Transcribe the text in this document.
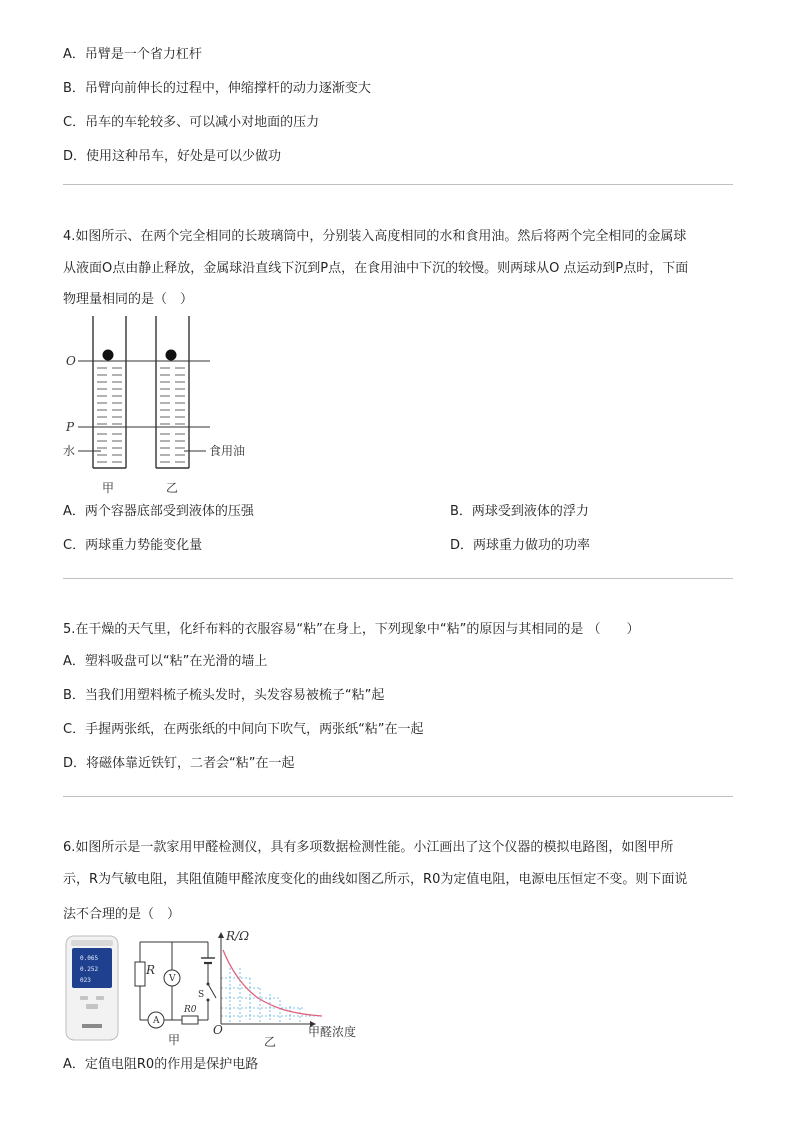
A．吊臂是一个省力杠杆
B．吊臂向前伸长的过程中，伸缩撑杆的动力逐渐变大
C．吊车的车轮较多、可以减小对地面的压力
D．使用这种吊车，好处是可以少做功
4.如图所示、在两个完全相同的长玻璃筒中，分别装入高度相同的水和食用油。然后将两个完全相同的金属球
从液面O点由静止释放，金属球沿直线下沉到P点，在食用油中下沉的较慢。则两球从O 点运动到P点时，下面
物理量相同的是（　）
O
P
水	食用油
甲	乙
A．两个容器底部受到液体的压强	B．两球受到液体的浮力
C．两球重力势能变化量	D．两球重力做功的功率
5.在干燥的天气里，化纤布料的衣服容易“粘”在身上，下列现象中“粘”的原因与其相同的是 （　　）
A．塑料吸盘可以“粘”在光滑的墙上
B．当我们用塑料梳子梳头发时，头发容易被梳子“粘”起
C．手握两张纸，在两张纸的中间向下吹气，两张纸“粘”在一起
D．将磁体靠近铁钉，二者会“粘”在一起
6.如图所示是一款家用甲醛检测仪，具有多项数据检测性能。小江画出了这个仪器的模拟电路图，如图甲所
示，R为气敏电阻，其阻值随甲醛浓度变化的曲线如图乙所示，R0为定值电阻，电源电压恒定不变。则下面说
法不合理的是（　）
0.065
0.252
023
R
V
A
S
R0
甲
R/Ω
O	甲醛浓度
乙
A．定值电阻R0的作用是保护电路
